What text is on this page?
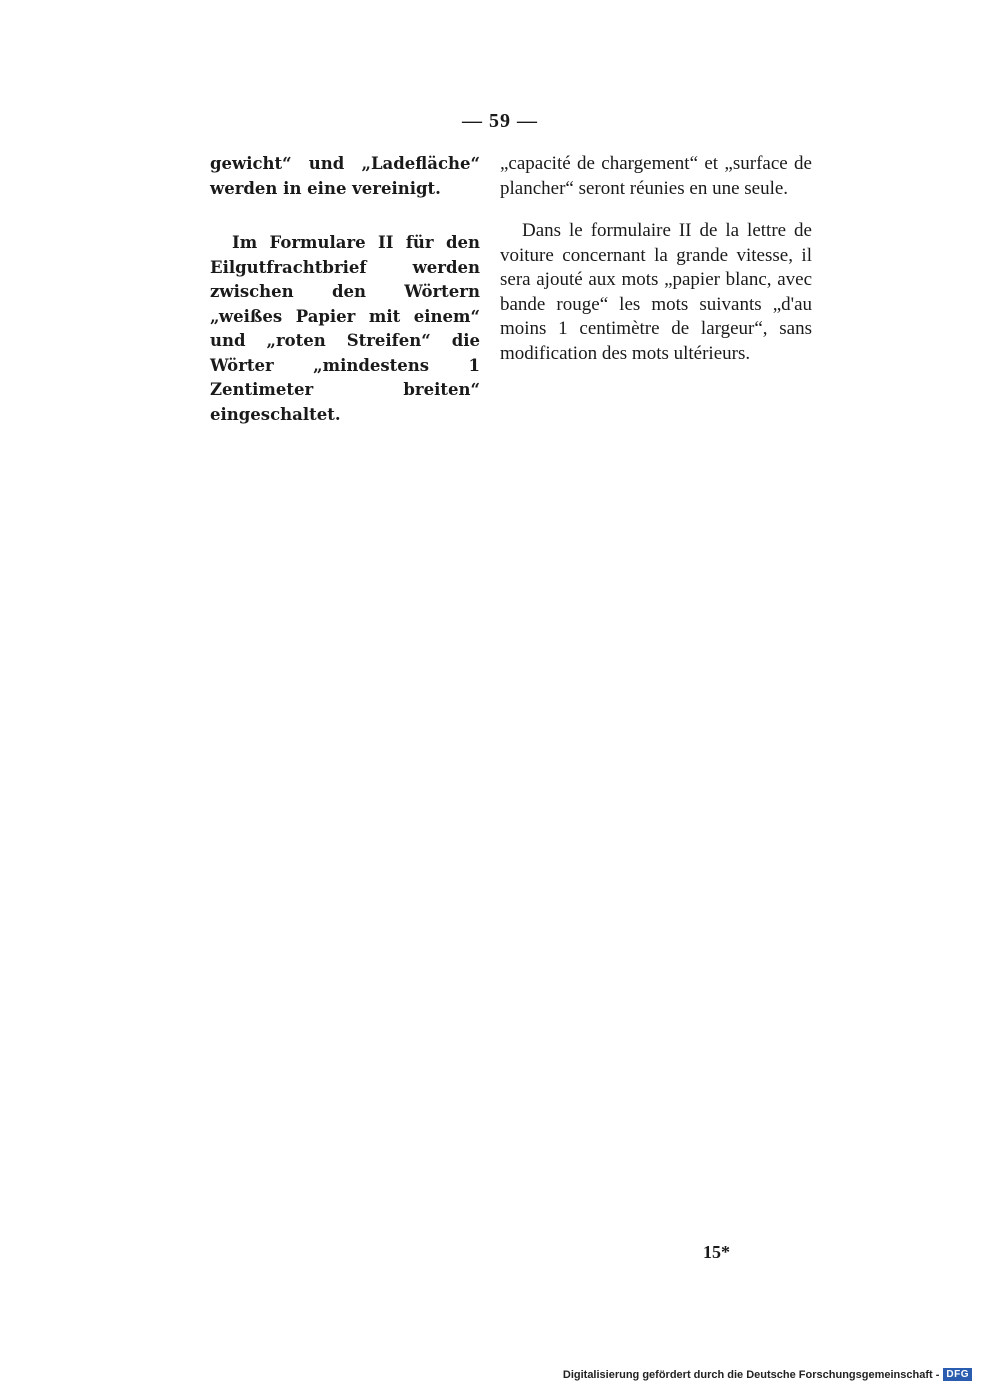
— 59 —

gewicht“ und „Ladefläche“ werden in eine vereinigt.

Im Formulare II für den Eilgutfrachtbrief werden zwischen den Wörtern „weißes Papier mit einem“ und „roten Streifen“ die Wörter „mindestens 1 Zentimeter breiten“ eingeschaltet.

„capacité de chargement“ et „surface de plancher“ seront réunies en une seule.

Dans le formulaire II de la lettre de voiture concernant la grande vitesse, il sera ajouté aux mots „papier blanc, avec bande rouge“ les mots suivants „d'au moins 1 centimètre de largeur“, sans modification des mots ultérieurs.

15*
Digitalisierung gefördert durch die Deutsche Forschungsgemeinschaft - DFG
